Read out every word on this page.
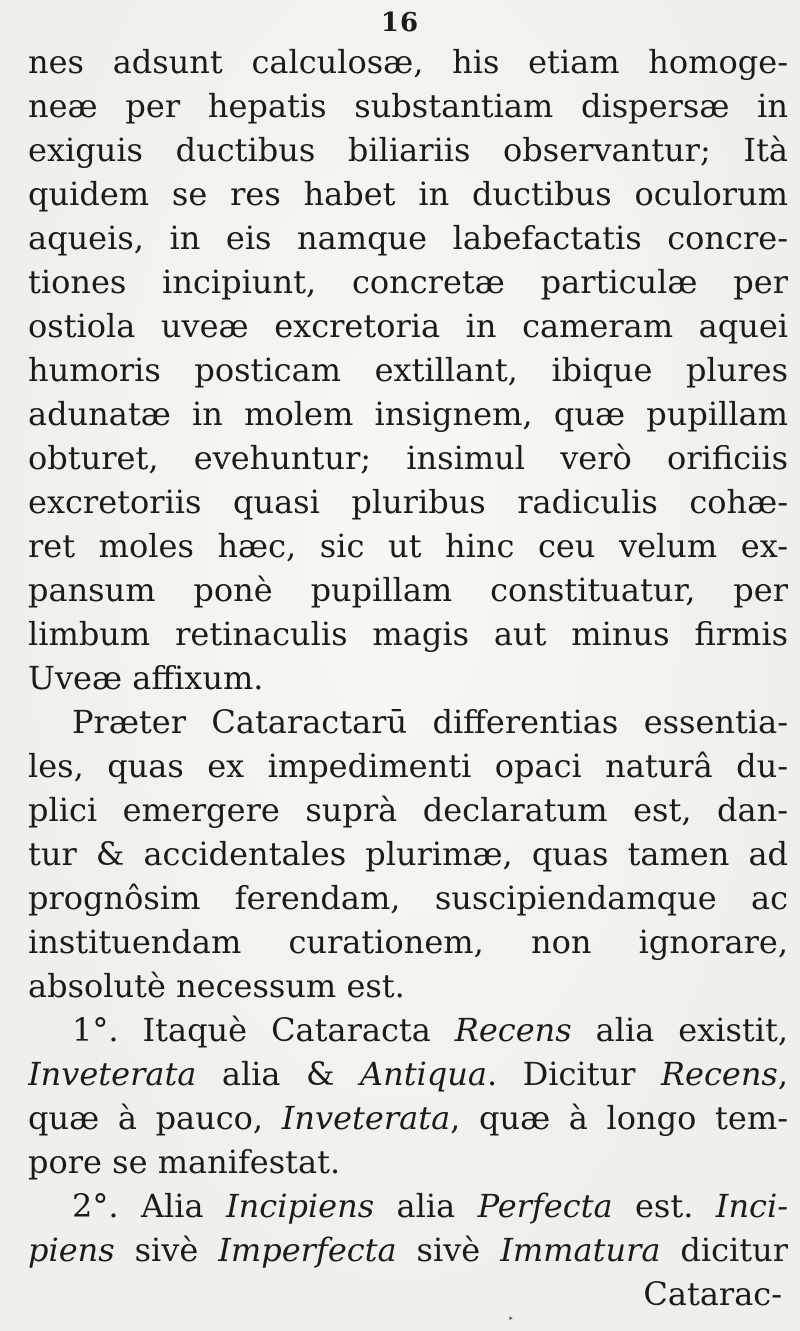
16
nes adsunt calculosæ, his etiam homoge-
neæ per hepatis substantiam dispersæ in
exiguis ductibus biliariis observantur; Ità
quidem se res habet in ductibus oculorum
aqueis, in eis namque labefactatis concre-
tiones incipiunt, concretæ particulæ per
ostiola uveæ excretoria in cameram aquei
humoris posticam extillant, ibique plures
adunatæ in molem insignem, quæ pupillam
obturet, evehuntur; insimul verò orificiis
excretoriis quasi pluribus radiculis cohæ-
ret moles hæc, sic ut hinc ceu velum ex-
pansum ponè pupillam constituatur, per
limbum retinaculis magis aut minus firmis
Uveæ affixum.
Præter Cataractarū differentias essentia-
les, quas ex impedimenti opaci naturâ du-
plici emergere suprà declaratum est, dan-
tur & accidentales plurimæ, quas tamen ad
prognôsim ferendam, suscipiendamque ac
instituendam curationem, non ignorare,
absolutè necessum est.
1°. Itaquè Cataracta Recens alia existit,
Inveterata alia & Antiqua. Dicitur Recens,
quæ à pauco, Inveterata, quæ à longo tem-
pore se manifestat.
2°. Alia Incipiens alia Perfecta est. Inci-
piens sivè Imperfecta sivè Immatura dicitur
Catarac-
‣
